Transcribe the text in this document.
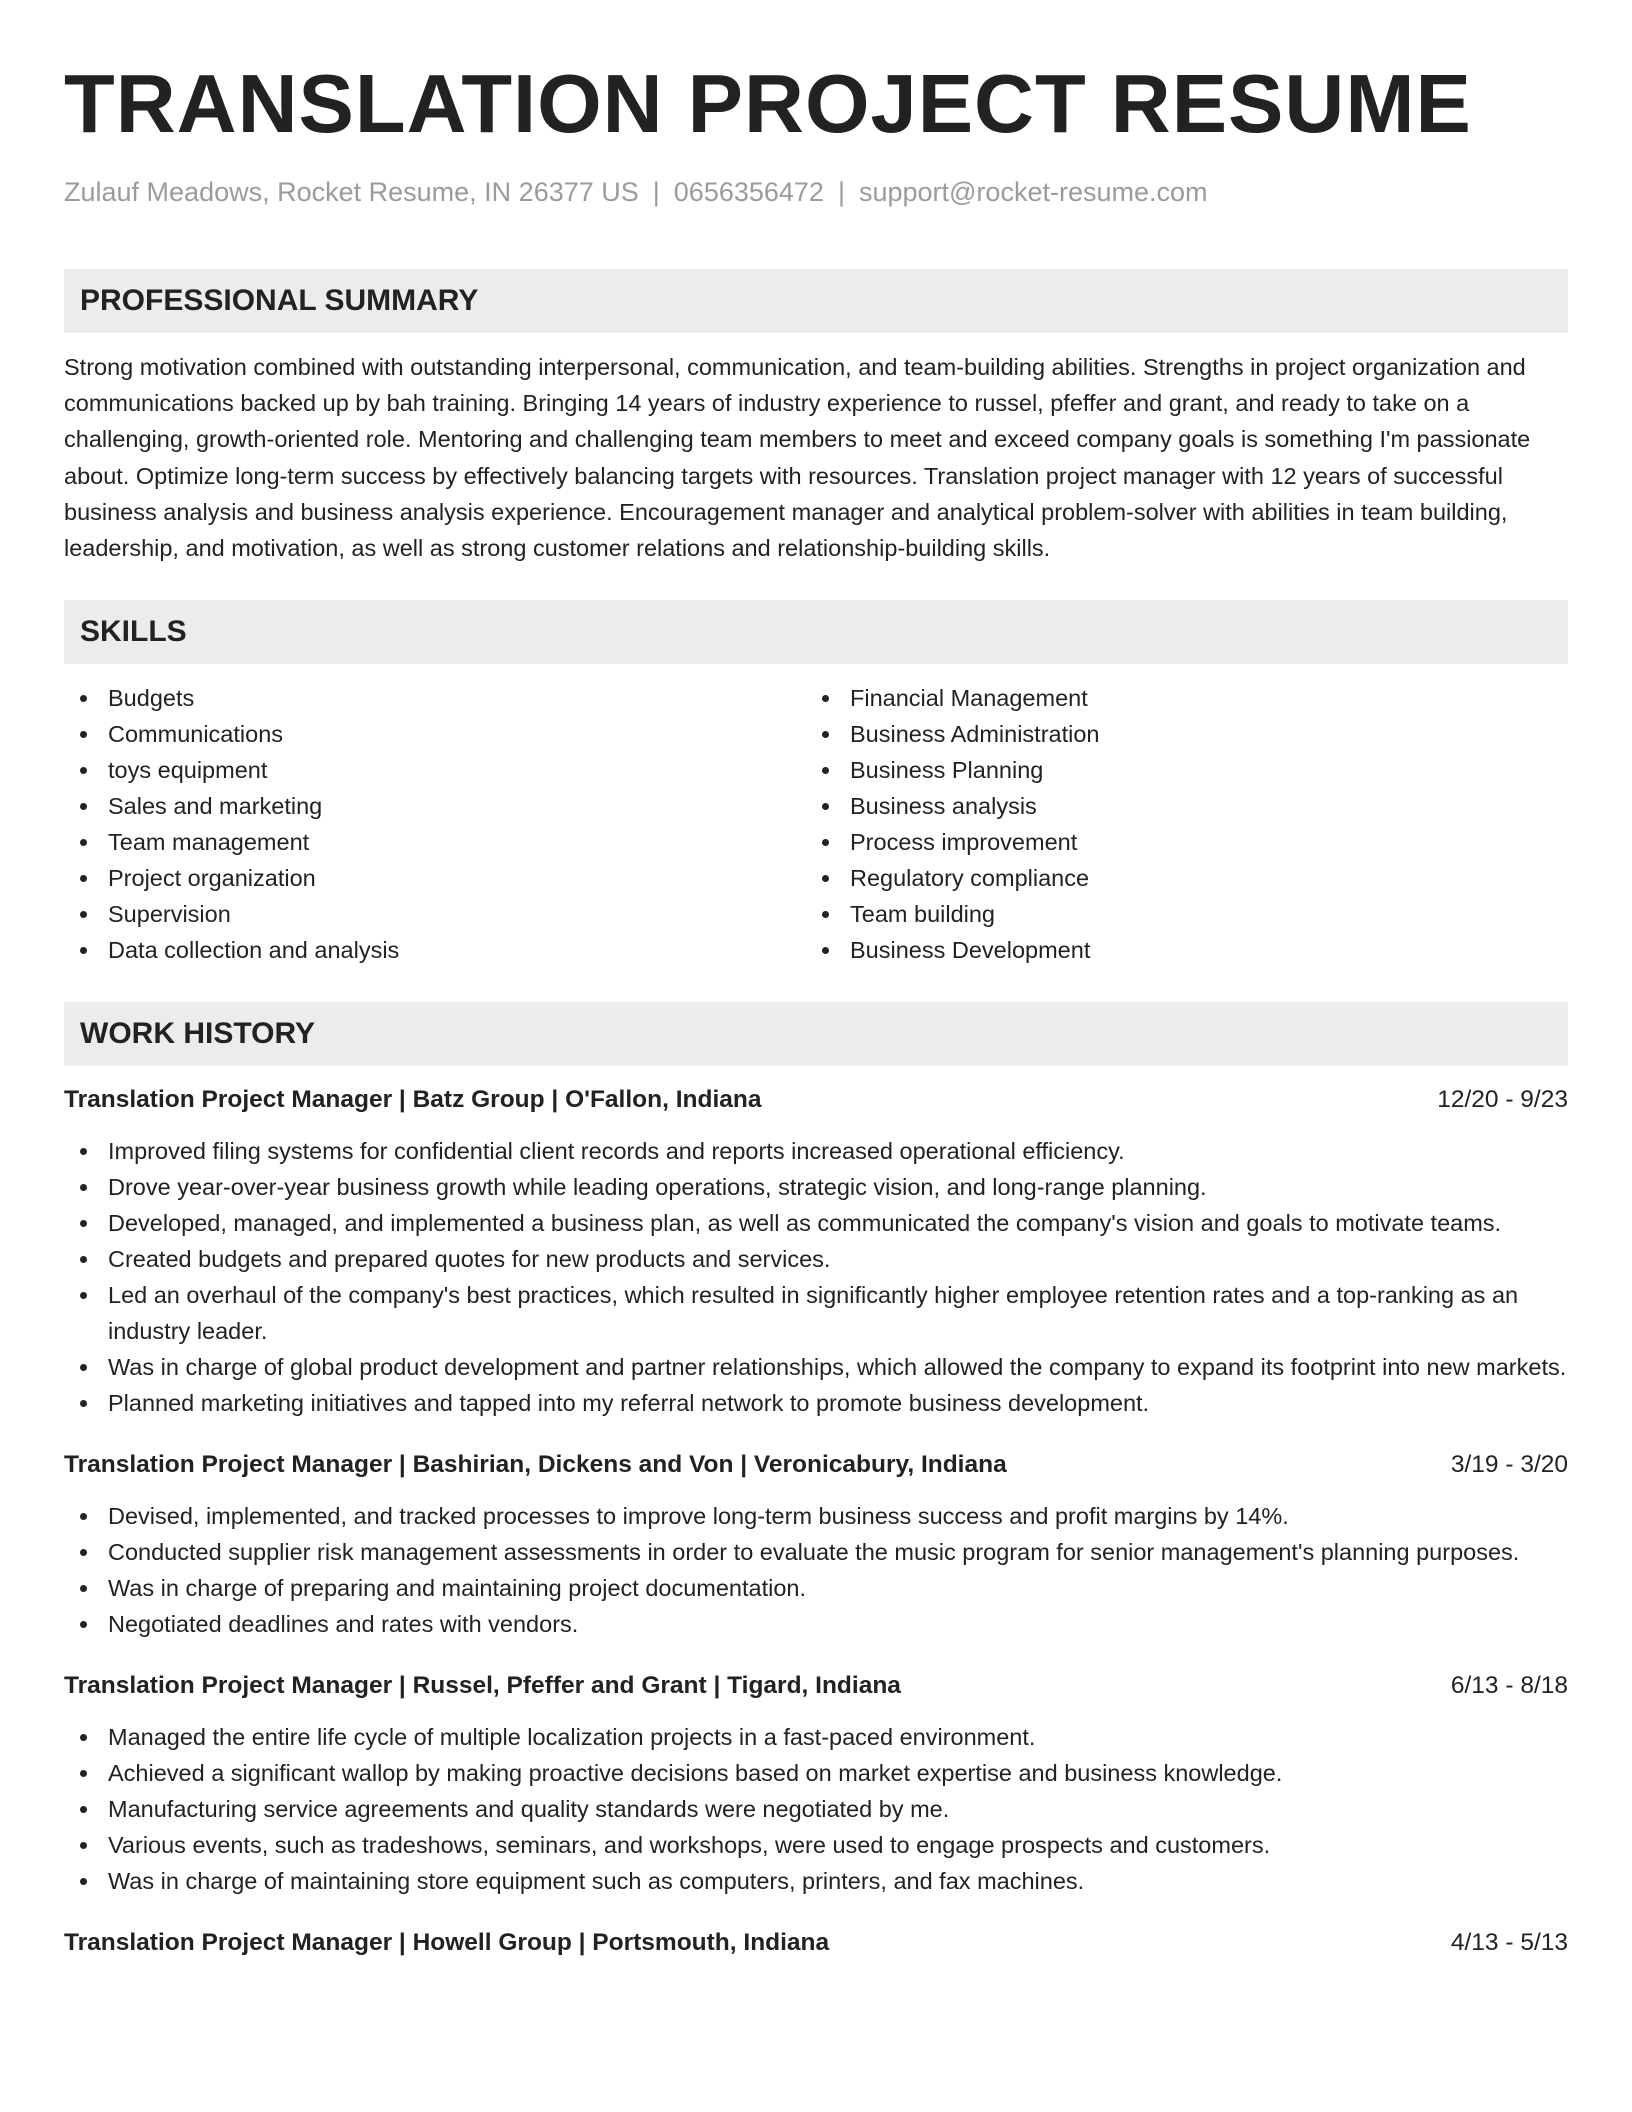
TRANSLATION PROJECT RESUME
Zulauf Meadows, Rocket Resume, IN 26377 US | 0656356472 | support@rocket-resume.com
PROFESSIONAL SUMMARY

Strong motivation combined with outstanding interpersonal, communication, and team-building abilities. Strengths in project organization and communications backed up by bah training. Bringing 14 years of industry experience to russel, pfeffer and grant, and ready to take on a challenging, growth-oriented role. Mentoring and challenging team members to meet and exceed company goals is something I'm passionate about. Optimize long-term success by effectively balancing targets with resources. Translation project manager with 12 years of successful business analysis and business analysis experience. Encouragement manager and analytical problem-solver with abilities in team building, leadership, and motivation, as well as strong customer relations and relationship-building skills.

SKILLS
Budgets
Communications
toys equipment
Sales and marketing
Team management
Project organization
Supervision
Data collection and analysis
Financial Management
Business Administration
Business Planning
Business analysis
Process improvement
Regulatory compliance
Team building
Business Development
WORK HISTORY
Translation Project Manager | Batz Group | O'Fallon, Indiana	12/20 - 9/23
Improved filing systems for confidential client records and reports increased operational efficiency.
Drove year-over-year business growth while leading operations, strategic vision, and long-range planning.
Developed, managed, and implemented a business plan, as well as communicated the company's vision and goals to motivate teams.
Created budgets and prepared quotes for new products and services.
Led an overhaul of the company's best practices, which resulted in significantly higher employee retention rates and a top-ranking as an industry leader.
Was in charge of global product development and partner relationships, which allowed the company to expand its footprint into new markets.
Planned marketing initiatives and tapped into my referral network to promote business development.
Translation Project Manager | Bashirian, Dickens and Von | Veronicabury, Indiana	3/19 - 3/20
Devised, implemented, and tracked processes to improve long-term business success and profit margins by 14%.
Conducted supplier risk management assessments in order to evaluate the music program for senior management's planning purposes.
Was in charge of preparing and maintaining project documentation.
Negotiated deadlines and rates with vendors.
Translation Project Manager | Russel, Pfeffer and Grant | Tigard, Indiana	6/13 - 8/18
Managed the entire life cycle of multiple localization projects in a fast-paced environment.
Achieved a significant wallop by making proactive decisions based on market expertise and business knowledge.
Manufacturing service agreements and quality standards were negotiated by me.
Various events, such as tradeshows, seminars, and workshops, were used to engage prospects and customers.
Was in charge of maintaining store equipment such as computers, printers, and fax machines.
Translation Project Manager | Howell Group | Portsmouth, Indiana	4/13 - 5/13
